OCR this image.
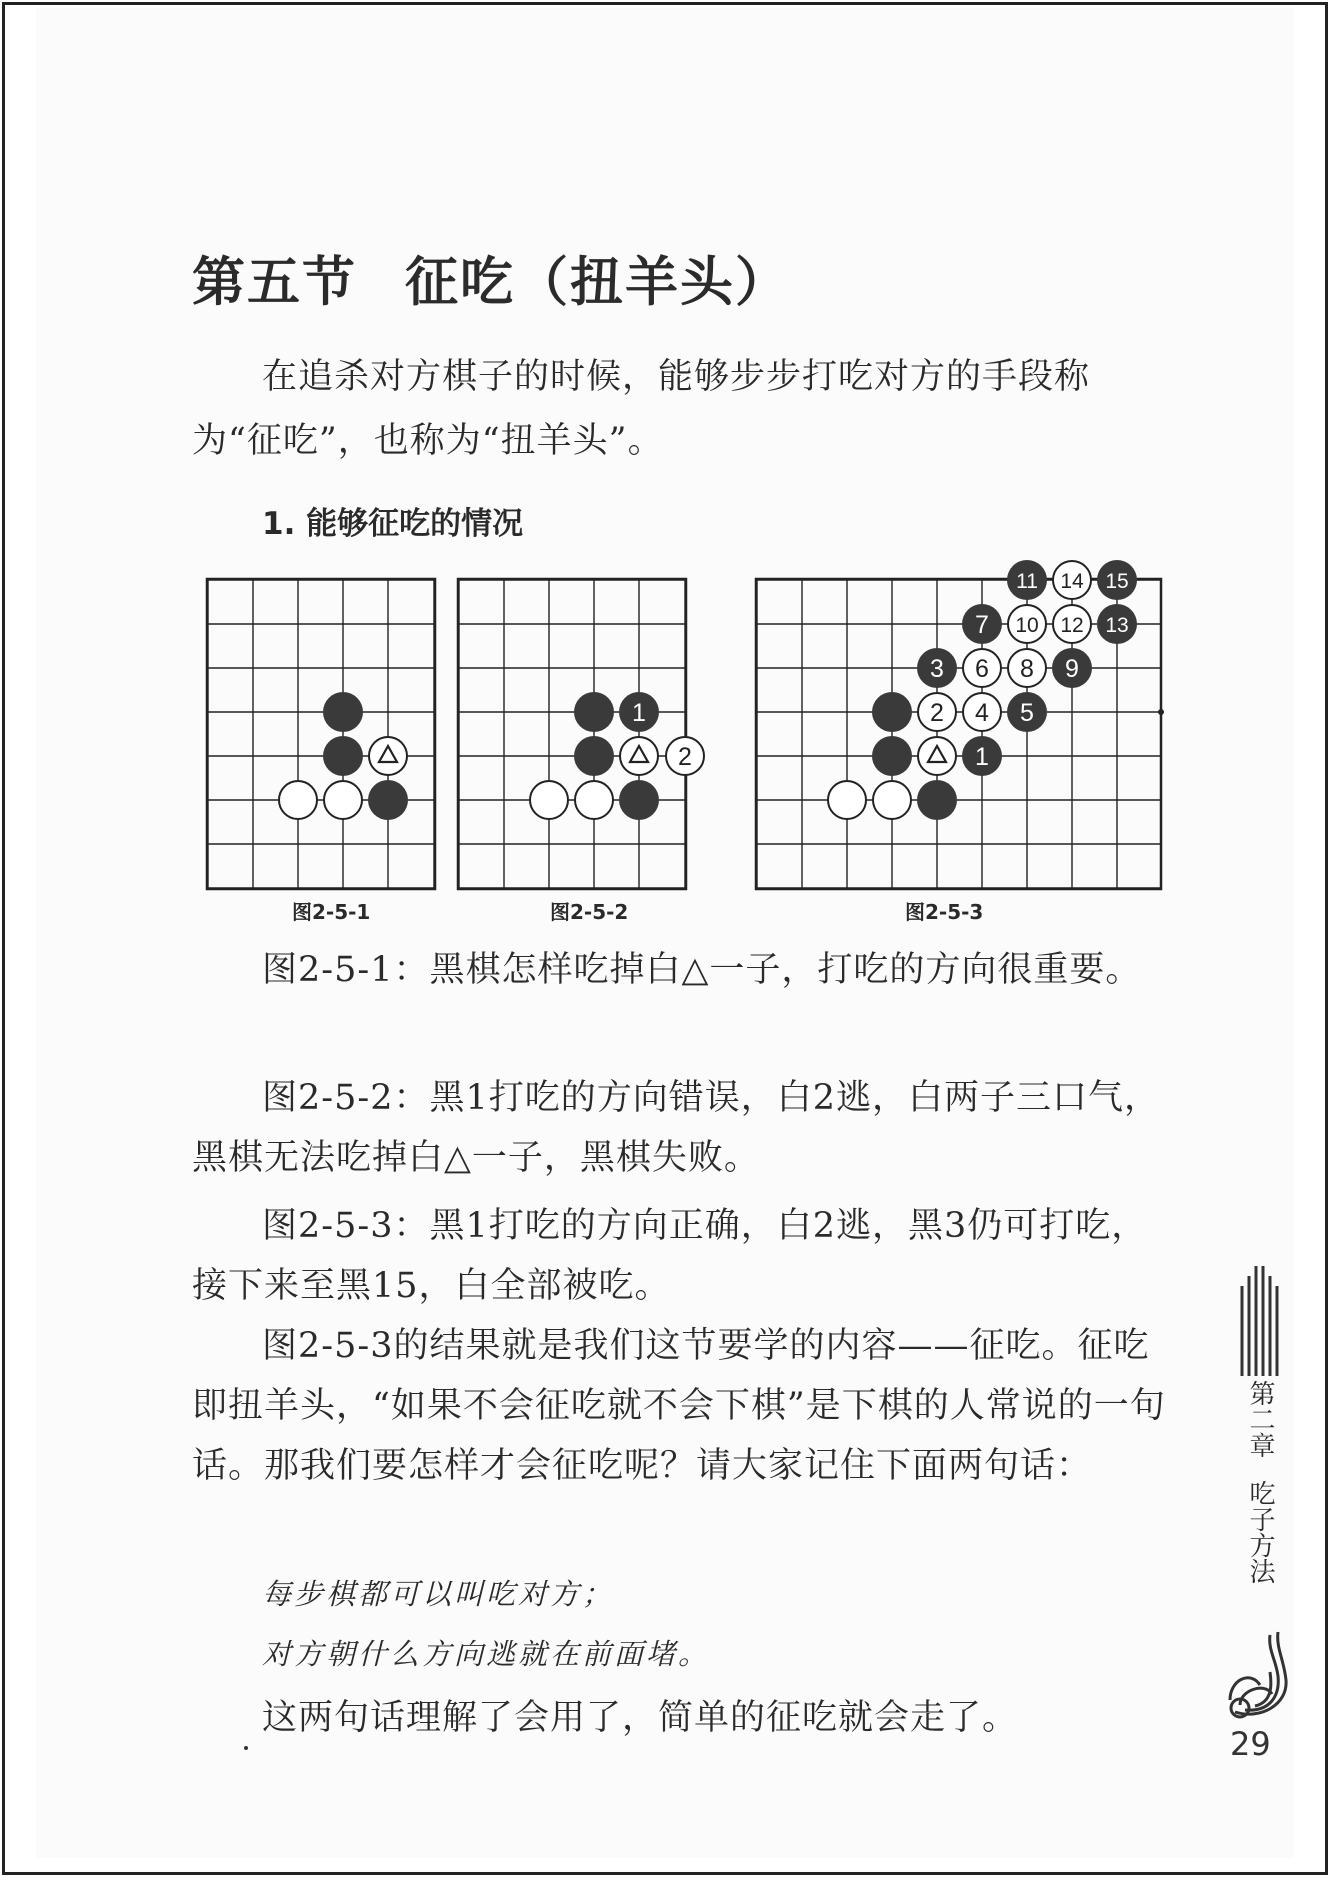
第五节 征吃（扭羊头）
在追杀对方棋子的时候，能够步步打吃对方的手段称为“征吃”，也称为“扭羊头”。
1. 能够征吃的情况
图2-5-1
1
2
图2-5-2
1
2
3
4 5
6
7
8 9
10
11
12 13
14 15
图2-5-3
图2-5-1：黑棋怎样吃掉白△一子，打吃的方向很重要。
图2-5-2：黑1打吃的方向错误，白2逃，白两子三口气，黑棋无法吃掉白△一子，黑棋失败。
图2-5-3：黑1打吃的方向正确，白2逃，黑3仍可打吃，接下来至黑15，白全部被吃。
图2-5-3的结果就是我们这节要学的内容——征吃。征吃即扭羊头，“如果不会征吃就不会下棋”是下棋的人常说的一句话。那我们要怎样才会征吃呢？请大家记住下面两句话：
每步棋都可以叫吃对方；
对方朝什么方向逃就在前面堵。
这两句话理解了会用了，简单的征吃就会走了。
第二章
吃子方法
29
